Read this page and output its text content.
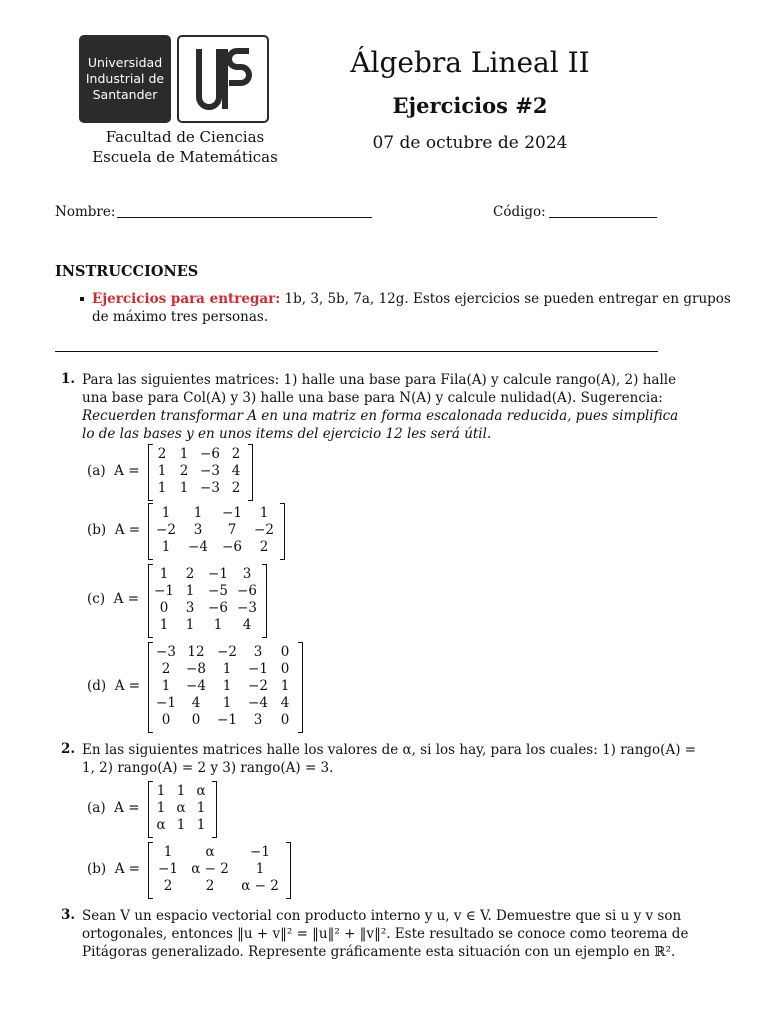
Universidad
Industrial de
Santander
Álgebra Lineal II
Ejercicios #2
07 de octubre de 2024
Facultad de Ciencias
Escuela de Matemáticas
Nombre:	Código:
INSTRUCCIONES
Ejercicios para entregar: 1b, 3, 5b, 7a, 12g. Estos ejercicios se pueden entregar en grupos
de máximo tres personas.
1. Para las siguientes matrices: 1) halle una base para Fila(A) y calcule rango(A), 2) halle
una base para Col(A) y 3) halle una base para N(A) y calcule nulidad(A). Sugerencia:
Recuerden transformar A en una matriz en forma escalonada reducida, pues simplifica
lo de las bases y en unos items del ejercicio 12 les será útil.
(a)  A =
2 1 −6 2
1 2 −3 4
1 1 −3 2
(b)  A =
1	1	−1	1
−2	3	7	−2
1	−4	−6	2
(c)  A =
1	2	−1	3
−1 1	−5 −6
0	3	−6 −3
1	1	1	4
(d)  A =
−3 12 −2	3	0
2	−8	1	−1 0
1	−4	1	−2 1
−1	4	1	−4 4
0	0	−1	3	0
(a)  A =
1 1 α
1 α 1
α 1 1
(b)  A =
1	α	−1
−1 α − 2	1
2	2	α − 2
2. En las siguientes matrices halle los valores de α, si los hay, para los cuales: 1) rango(A) =
1, 2) rango(A) = 2 y 3) rango(A) = 3.
3. Sean V un espacio vectorial con producto interno y u, v ∈ V. Demuestre que si u y v son
ortogonales, entonces ‖u + v‖² = ‖u‖² + ‖v‖². Este resultado se conoce como teorema de
Pitágoras generalizado. Represente gráficamente esta situación con un ejemplo en ℝ².
